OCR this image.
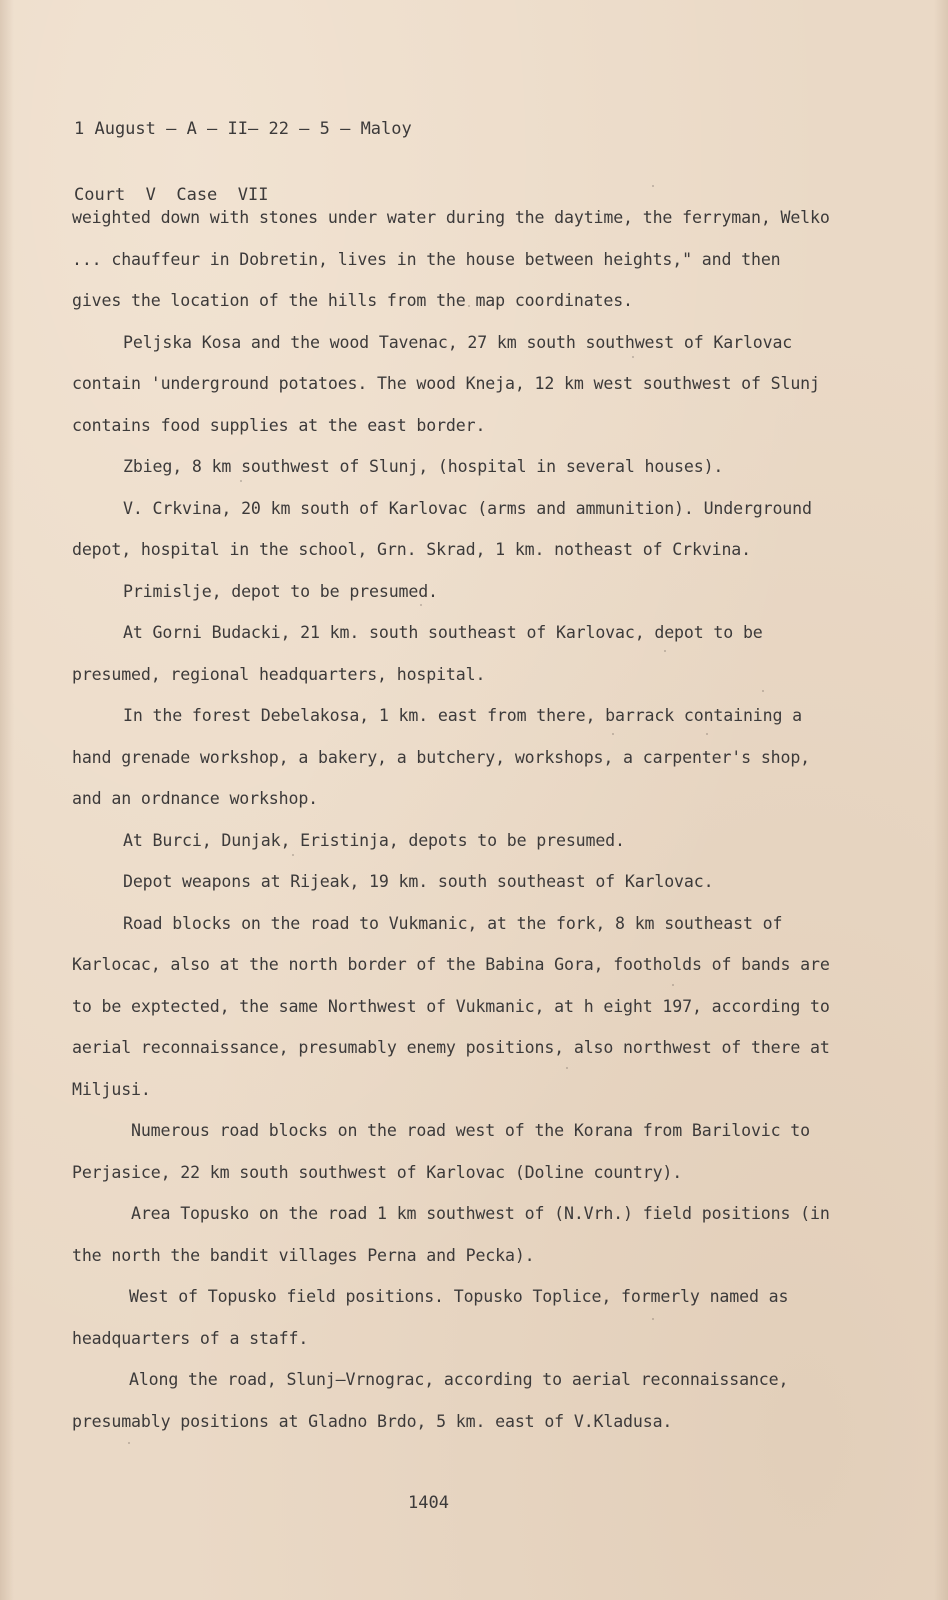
1 August – A – II– 22 – 5 – Maloy

Court  V  Case  VII

weighted down with stones under water during the daytime, the ferryman, Welko ... chauffeur in Dobretin, lives in the house between heights," and then gives the location of the hills from the map coordinates.

Peljska Kosa and the wood Tavenac, 27 km south southwest of Karlovac contain 'underground potatoes. The wood Kneja, 12 km west southwest of Slunj contains food supplies at the east border.

Zbieg, 8 km southwest of Slunj, (hospital in several houses).

V. Crkvina, 20 km south of Karlovac (arms and ammunition). Underground depot, hospital in the school, Grn. Skrad, 1 km. notheast of Crkvina.

Primislje, depot to be presumed.

At Gorni Budacki, 21 km. south southeast of Karlovac, depot to be presumed, regional headquarters, hospital.

In the forest Debelakosa, 1 km. east from there, barrack containing a hand grenade workshop, a bakery, a butchery, workshops, a carpenter's shop, and an ordnance workshop.

At Burci, Dunjak, Eristinja, depots to be presumed.

Depot weapons at Rijeak, 19 km. south southeast of Karlovac.

Road blocks on the road to Vukmanic, at the fork, 8 km southeast of Karlocac, also at the north border of the Babina Gora, footholds of bands are to be exptected, the same Northwest of Vukmanic, at h eight 197, according to aerial reconnaissance, presumably enemy positions, also northwest of there at Miljusi.

Numerous road blocks on the road west of the Korana from Barilovic to Perjasice, 22 km south southwest of Karlovac (Doline country).

Area Topusko on the road 1 km southwest of (N.Vrh.) field positions (in the north the bandit villages Perna and Pecka).

West of Topusko field positions. Topusko Toplice, formerly named as headquarters of a staff.

Along the road, Slunj–Vrnograc, according to aerial reconnaissance, presumably positions at Gladno Brdo, 5 km. east of V.Kladusa.

1404
